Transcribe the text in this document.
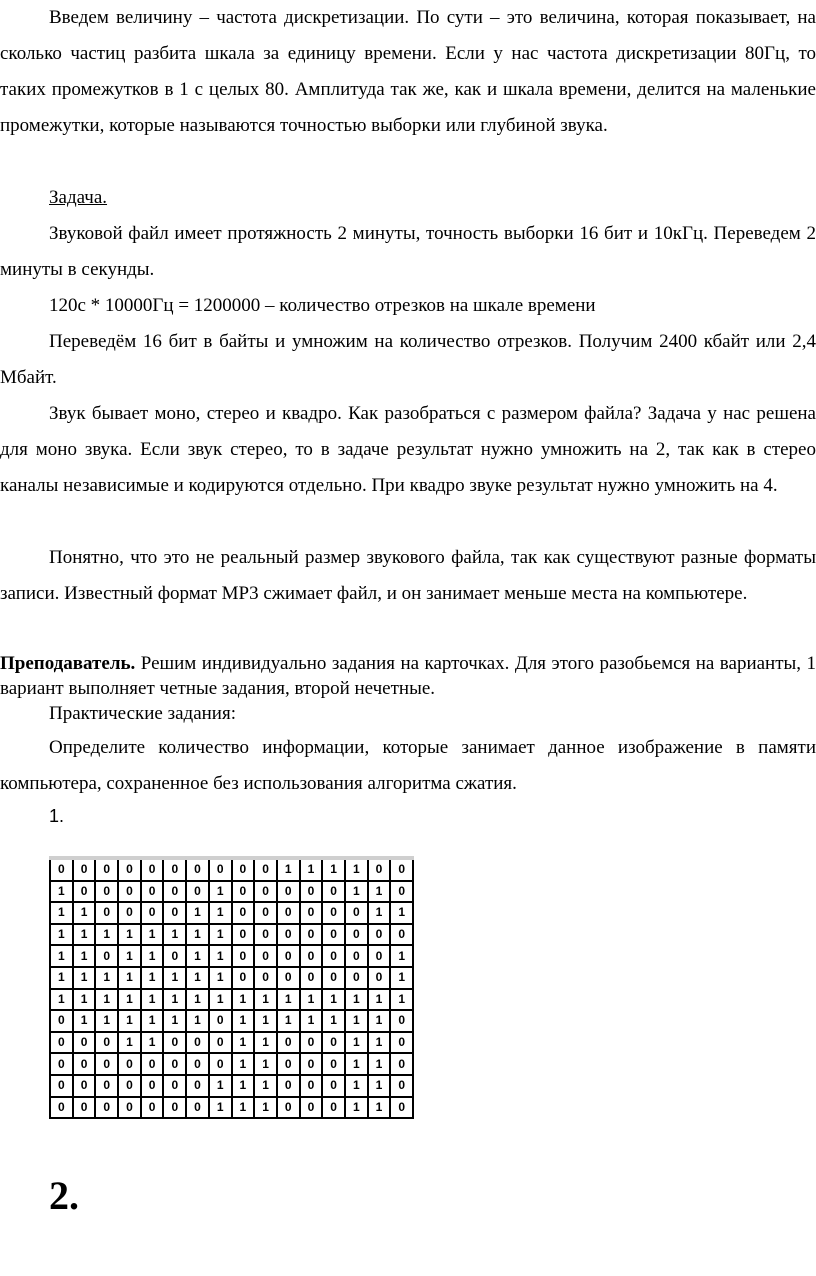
Введем величину – частота дискретизации. По сути – это величина, которая показывает, на сколько частиц разбита шкала за единицу времени. Если у нас частота дискретизации 80Гц, то таких промежутков в 1 с целых 80. Амплитуда так же, как и шкала времени, делится на маленькие промежутки, которые называются точностью выборки или глубиной звука.

Задача.

Звуковой файл имеет протяжность 2 минуты, точность выборки 16 бит и 10кГц. Переведем 2 минуты в секунды.

120с * 10000Гц = 1200000 – количество отрезков на шкале времени

Переведём 16 бит в байты и умножим на количество отрезков. Получим 2400 кбайт или 2,4 Мбайт.

Звук бывает моно, стерео и квадро. Как разобраться с размером файла? Задача у нас решена для моно звука. Если звук стерео, то в задаче результат нужно умножить на 2, так как в стерео каналы независимые и кодируются отдельно. При квадро звуке результат нужно умножить на 4.

Понятно, что это не реальный размер звукового файла, так как существуют разные форматы записи. Известный формат МР3 сжимает файл, и он занимает меньше места на компьютере.

Преподаватель. Решим индивидуально задания на карточках. Для этого разобьемся на варианты, 1 вариант выполняет четные задания, второй нечетные.

Практические задания:

Определите количество информации, которые занимает данное изображение в памяти компьютера, сохраненное без использования алгоритма сжатия.

1.
0	0	0	0	0	0	0	0	0	0	1	1	1	1	0	0
1	0	0	0	0	0	0	1	0	0	0	0	0	1	1	0
1	1	0	0	0	0	1	1	0	0	0	0	0	0	1	1
1	1	1	1	1	1	1	1	0	0	0	0	0	0	0	0
1	1	0	1	1	0	1	1	0	0	0	0	0	0	0	1
1	1	1	1	1	1	1	1	0	0	0	0	0	0	0	1
1	1	1	1	1	1	1	1	1	1	1	1	1	1	1	1
0	1	1	1	1	1	1	0	1	1	1	1	1	1	1	0
0	0	0	1	1	0	0	0	1	1	0	0	0	1	1	0
0	0	0	0	0	0	0	0	1	1	0	0	0	1	1	0
0	0	0	0	0	0	0	1	1	1	0	0	0	1	1	0
0	0	0	0	0	0	0	1	1	1	0	0	0	1	1	0
2.
